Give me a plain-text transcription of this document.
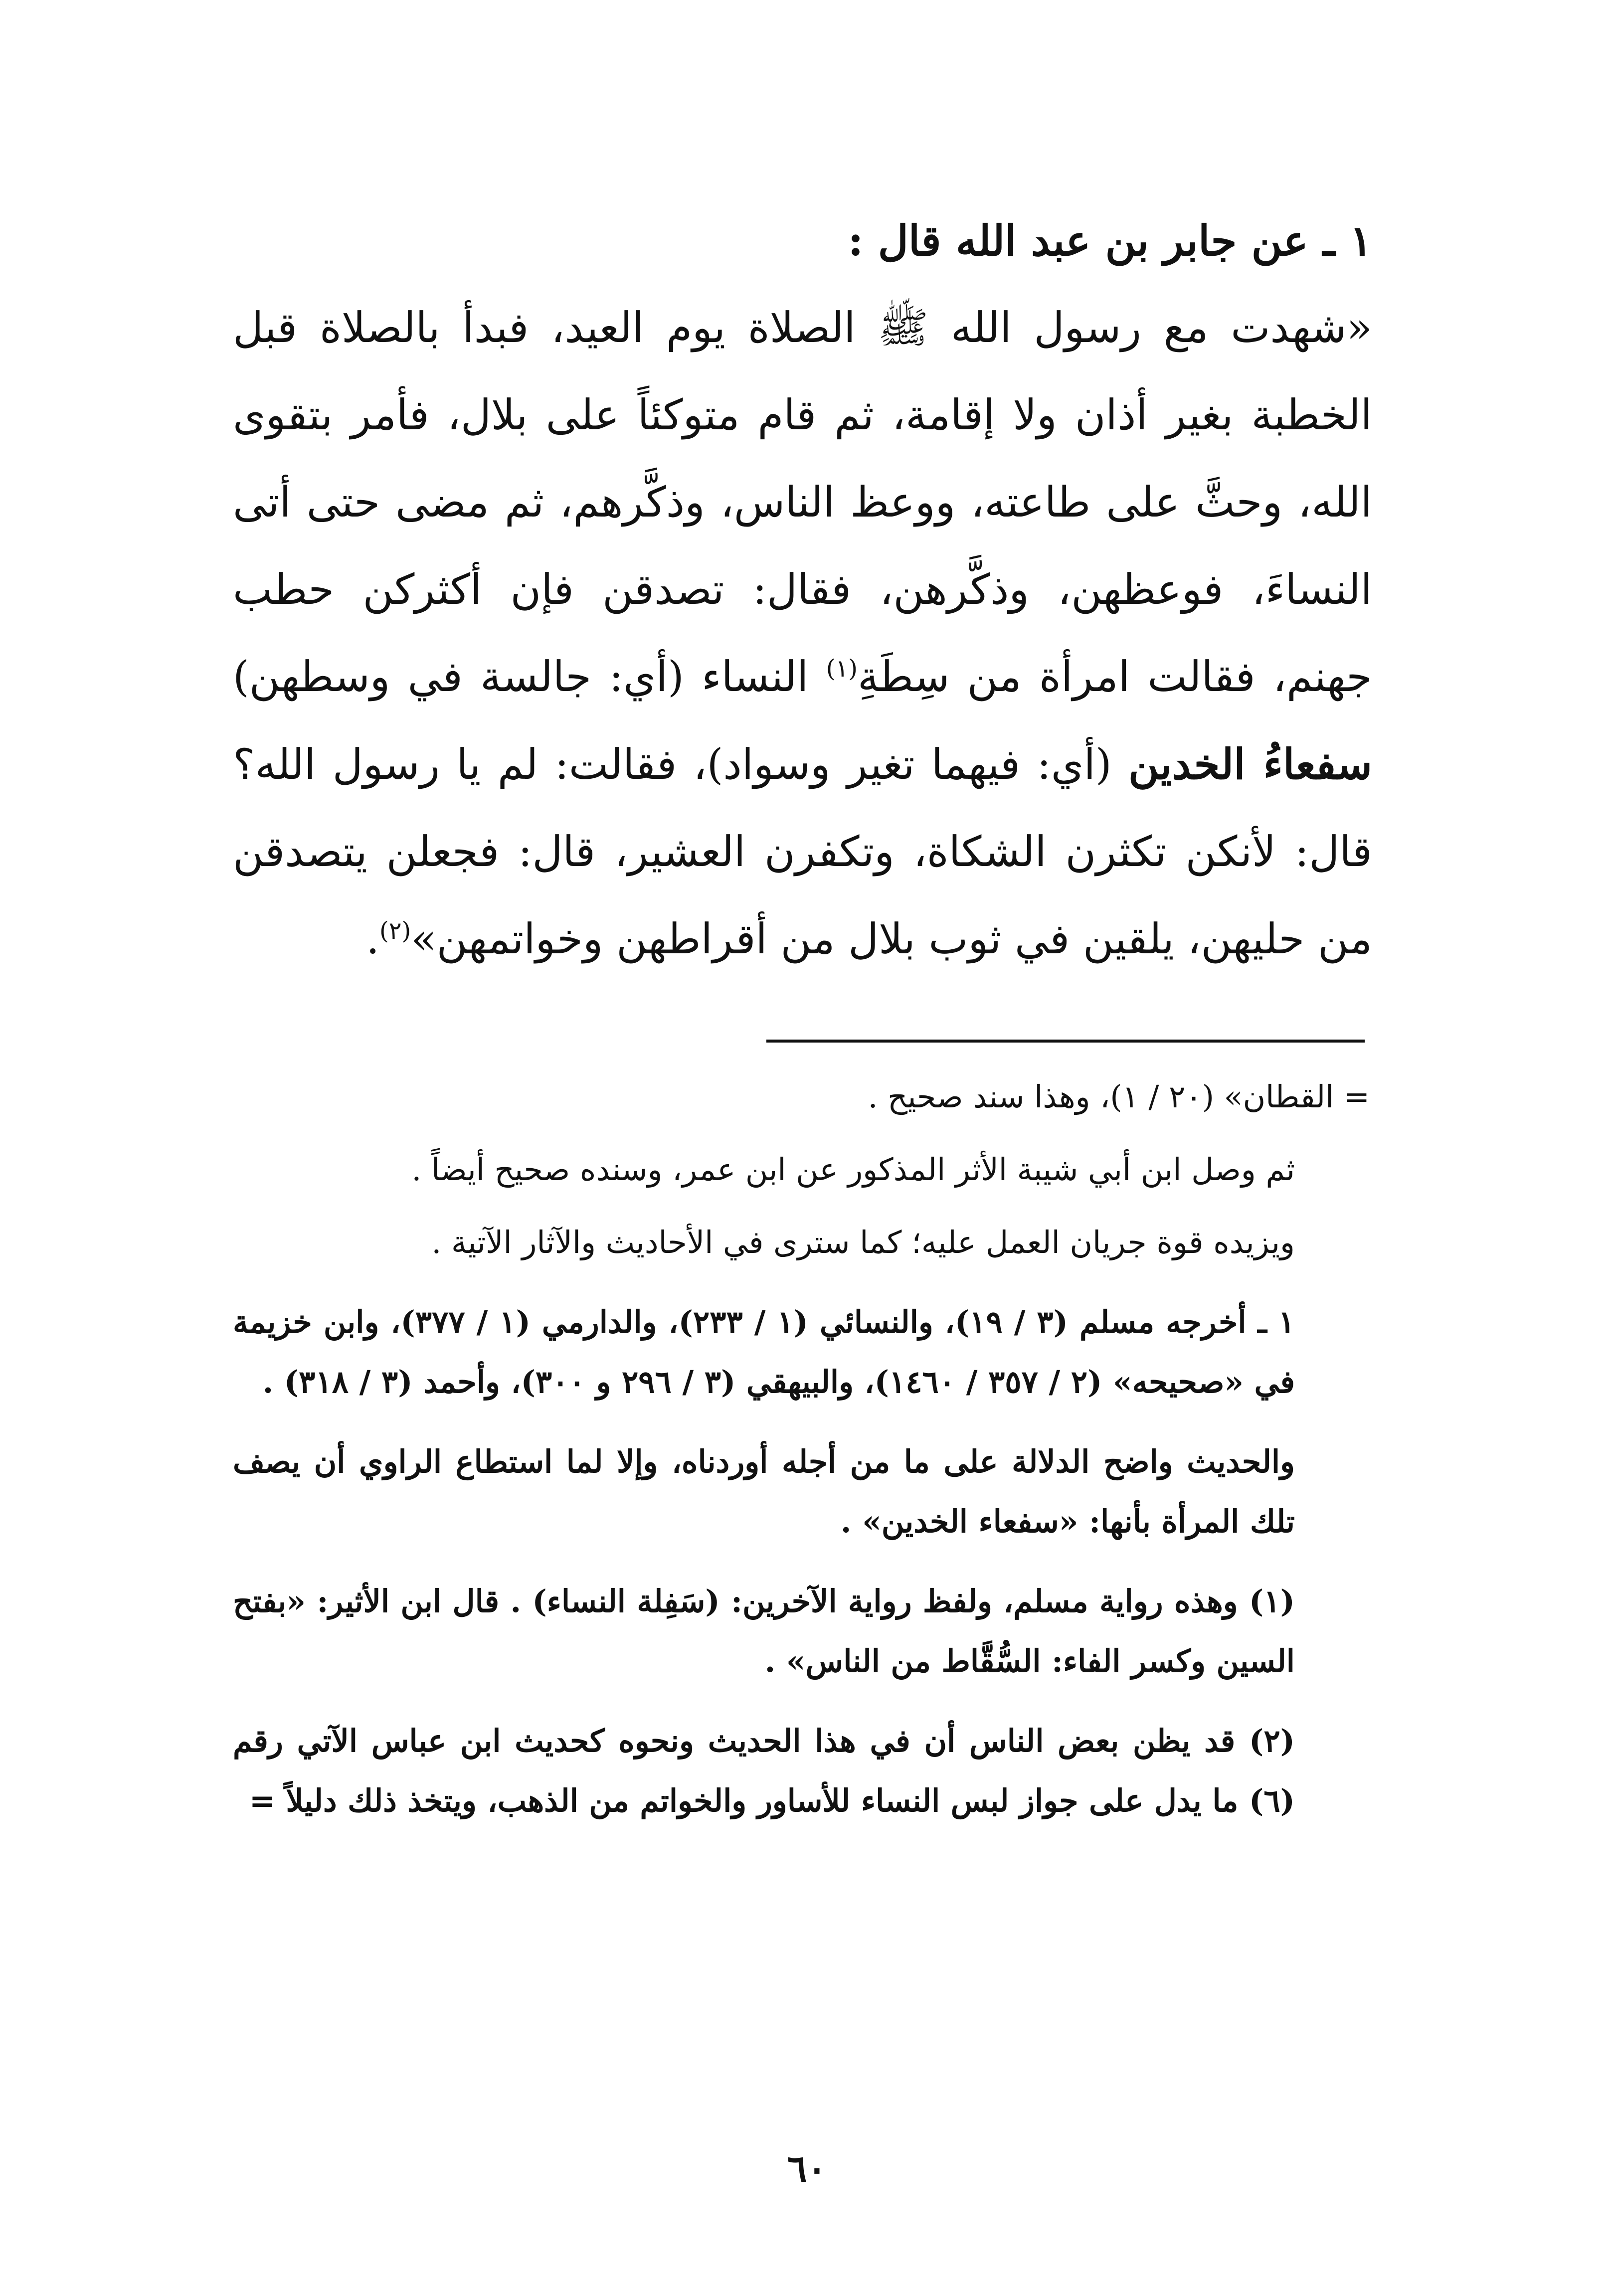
١ ـ عن جابر بن عبد الله قال :

«شهدت مع رسول الله ﷺ الصلاة يوم العيد، فبدأ بالصلاة قبل الخطبة بغير أذان ولا إقامة، ثم قام متوكئاً على بلال، فأمر بتقوى الله، وحثَّ على طاعته، ووعظ الناس، وذكَّرهم، ثم مضى حتى أتى النساءَ، فوعظهن، وذكَّرهن، فقال: تصدقن فإن أكثركن حطب جهنم، فقالت امرأة من سِطَةِ$^{(١)}$ النساء (أي: جالسة في وسطهن) سفعاءُ الخدين (أي: فيهما تغير وسواد)، فقالت: لم يا رسول الله؟ قال: لأنكن تكثرن الشكاة، وتكفرن العشير، قال: فجعلن يتصدقن من حليهن، يلقين في ثوب بلال من أقراطهن وخواتمهن»$^{(٢)}$.

= القطان» (٢٠ / ١)، وهذا سند صحيح .

ثم وصل ابن أبي شيبة الأثر المذكور عن ابن عمر، وسنده صحيح أيضاً .

ويزيده قوة جريان العمل عليه؛ كما سترى في الأحاديث والآثار الآتية .

١ ـ أخرجه مسلم (٣ / ١٩)، والنسائي (١ / ٢٣٣)، والدارمي (١ / ٣٧٧)، وابن خزيمة في «صحيحه» (٢ / ٣٥٧ / ١٤٦٠)، والبيهقي (٣ / ٢٩٦ و ٣٠٠)، وأحمد (٣ / ٣١٨) .

والحديث واضح الدلالة على ما من أجله أوردناه، وإلا لما استطاع الراوي أن يصف تلك المرأة بأنها: «سفعاء الخدين» .

(١) وهذه رواية مسلم، ولفظ رواية الآخرين: (سَفِلة النساء) . قال ابن الأثير: «بفتح السين وكسر الفاء: السُّقَّاط من الناس» .

(٢) قد يظن بعض الناس أن في هذا الحديث ونحوه كحديث ابن عباس الآتي رقم (٦) ما يدل على جواز لبس النساء للأساور والخواتم من الذهب، ويتخذ ذلك دليلاً =

٦٠
